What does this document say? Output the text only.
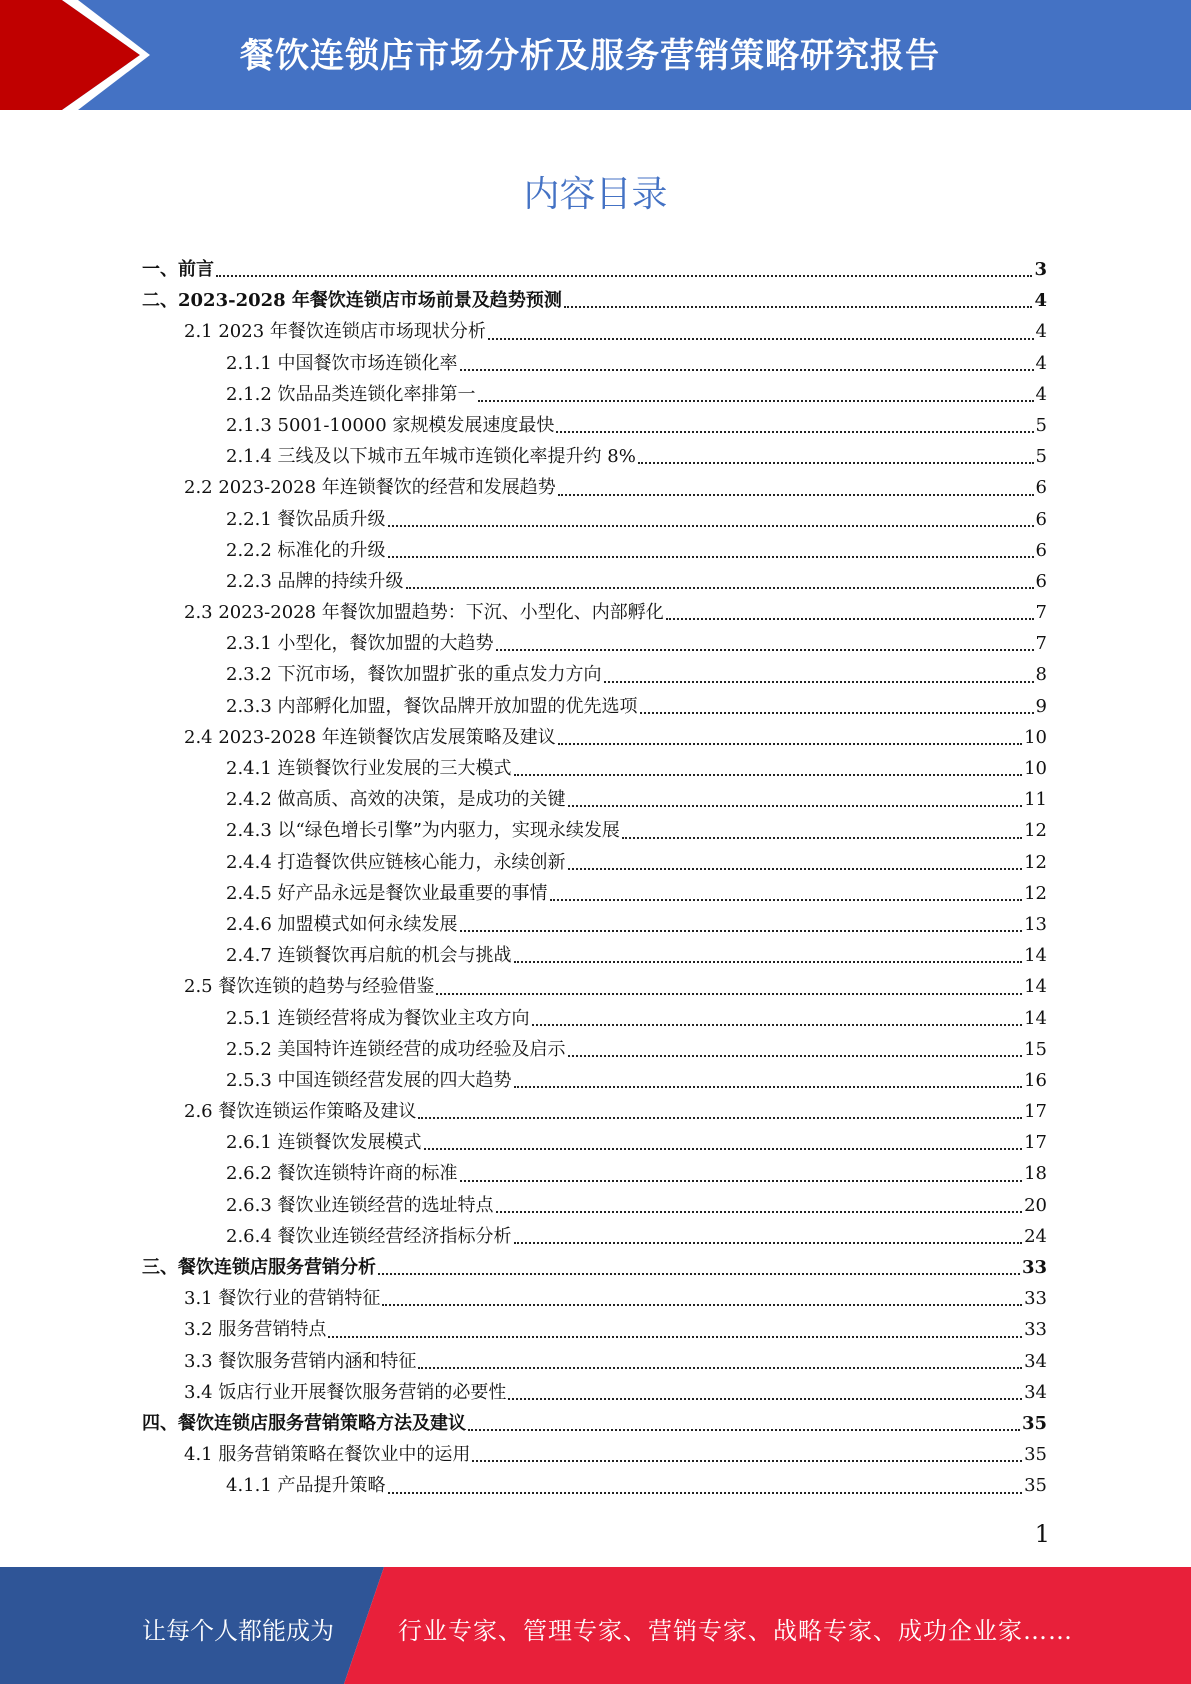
餐饮连锁店市场分析及服务营销策略研究报告
内容目录
一、前言	3
二、2023-2028 年餐饮连锁店市场前景及趋势预测	4
2.1 2023 年餐饮连锁店市场现状分析	4
2.1.1 中国餐饮市场连锁化率	4
2.1.2 饮品品类连锁化率排第一	4
2.1.3 5001-10000 家规模发展速度最快	5
2.1.4 三线及以下城市五年城市连锁化率提升约 8%	5
2.2 2023-2028 年连锁餐饮的经营和发展趋势	6
2.2.1 餐饮品质升级	6
2.2.2 标准化的升级	6
2.2.3 品牌的持续升级	6
2.3 2023-2028 年餐饮加盟趋势：下沉、小型化、内部孵化	7
2.3.1 小型化，餐饮加盟的大趋势	7
2.3.2 下沉市场，餐饮加盟扩张的重点发力方向	8
2.3.3 内部孵化加盟，餐饮品牌开放加盟的优先选项	9
2.4 2023-2028 年连锁餐饮店发展策略及建议	10
2.4.1 连锁餐饮行业发展的三大模式	10
2.4.2 做高质、高效的决策，是成功的关键	11
2.4.3 以“绿色增长引擎”为内驱力，实现永续发展	12
2.4.4 打造餐饮供应链核心能力，永续创新	12
2.4.5 好产品永远是餐饮业最重要的事情	12
2.4.6 加盟模式如何永续发展	13
2.4.7 连锁餐饮再启航的机会与挑战	14
2.5 餐饮连锁的趋势与经验借鉴	14
2.5.1 连锁经营将成为餐饮业主攻方向	14
2.5.2 美国特许连锁经营的成功经验及启示	15
2.5.3 中国连锁经营发展的四大趋势	16
2.6 餐饮连锁运作策略及建议	17
2.6.1 连锁餐饮发展模式	17
2.6.2 餐饮连锁特许商的标准	18
2.6.3 餐饮业连锁经营的选址特点	20
2.6.4 餐饮业连锁经营经济指标分析	24
三、餐饮连锁店服务营销分析	33
3.1 餐饮行业的营销特征	33
3.2 服务营销特点	33
3.3 餐饮服务营销内涵和特征	34
3.4 饭店行业开展餐饮服务营销的必要性	34
四、餐饮连锁店服务营销策略方法及建议	35
4.1 服务营销策略在餐饮业中的运用	35
4.1.1 产品提升策略	35
1
让每个人都能成为	行业专家、管理专家、营销专家、战略专家、成功企业家……
